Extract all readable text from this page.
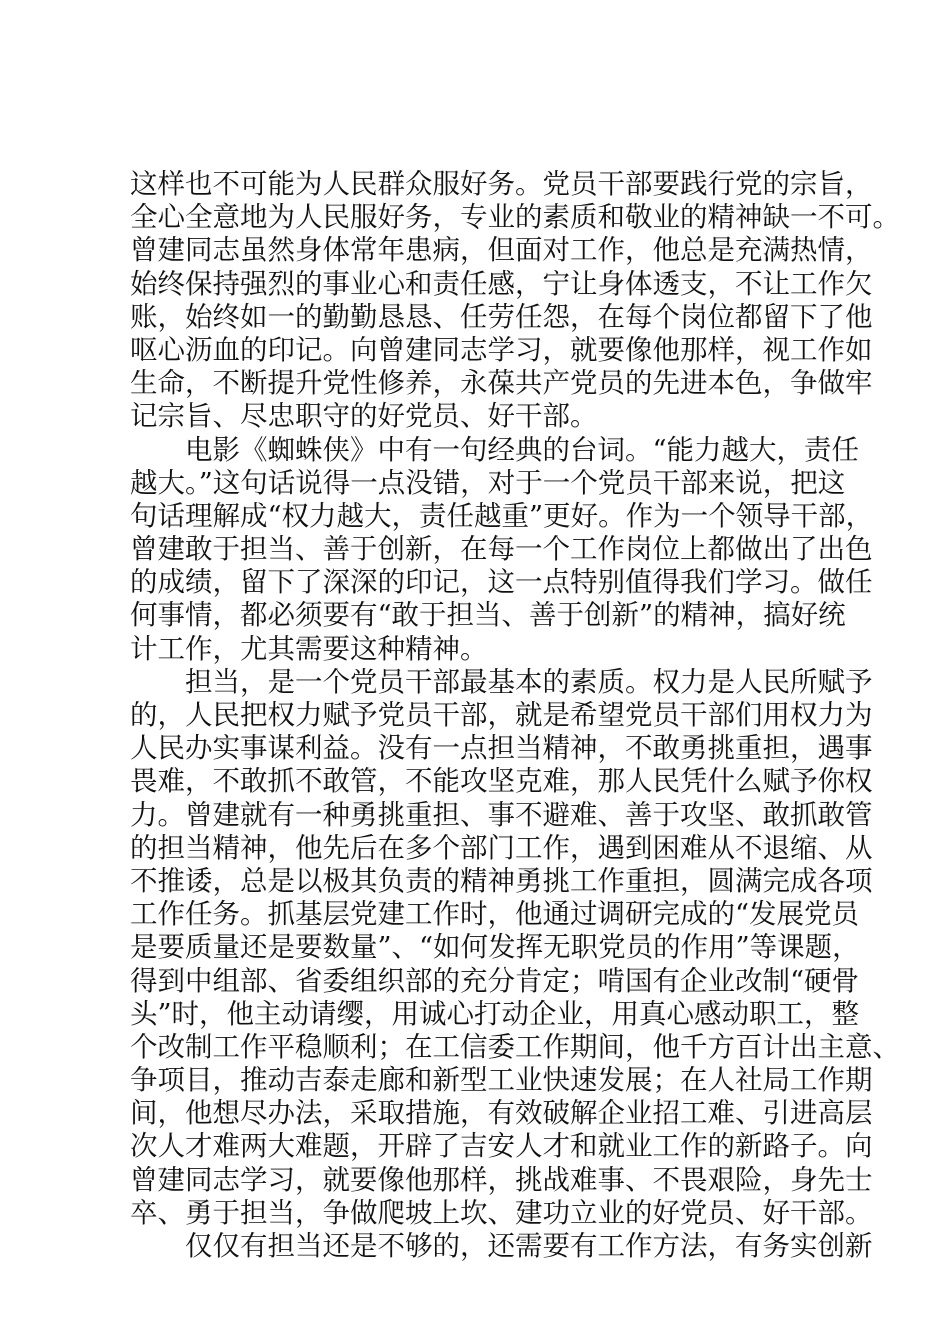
这样也不可能为人民群众服好务。党员干部要践行党的宗旨，
全心全意地为人民服好务，专业的素质和敬业的精神缺一不可。
曾建同志虽然身体常年患病，但面对工作，他总是充满热情，
始终保持强烈的事业心和责任感，宁让身体透支，不让工作欠
账，始终如一的勤勤恳恳、任劳任怨，在每个岗位都留下了他
呕心沥血的印记。向曾建同志学习，就要像他那样，视工作如
生命，不断提升党性修养，永葆共产党员的先进本色，争做牢
记宗旨、尽忠职守的好党员、好干部。
电影《蜘蛛侠》中有一句经典的台词。“能力越大，责任
越大。”这句话说得一点没错，对于一个党员干部来说，把这
句话理解成“权力越大，责任越重”更好。作为一个领导干部，
曾建敢于担当、善于创新，在每一个工作岗位上都做出了出色
的成绩，留下了深深的印记，这一点特别值得我们学习。做任
何事情，都必须要有“敢于担当、善于创新”的精神，搞好统
计工作，尤其需要这种精神。
担当，是一个党员干部最基本的素质。权力是人民所赋予
的，人民把权力赋予党员干部，就是希望党员干部们用权力为
人民办实事谋利益。没有一点担当精神，不敢勇挑重担，遇事
畏难，不敢抓不敢管，不能攻坚克难，那人民凭什么赋予你权
力。曾建就有一种勇挑重担、事不避难、善于攻坚、敢抓敢管
的担当精神，他先后在多个部门工作，遇到困难从不退缩、从
不推诿，总是以极其负责的精神勇挑工作重担，圆满完成各项
工作任务。抓基层党建工作时，他通过调研完成的“发展党员
是要质量还是要数量”、“如何发挥无职党员的作用”等课题，
得到中组部、省委组织部的充分肯定；啃国有企业改制“硬骨
头”时，他主动请缨，用诚心打动企业，用真心感动职工，整
个改制工作平稳顺利；在工信委工作期间，他千方百计出主意、
争项目，推动吉泰走廊和新型工业快速发展；在人社局工作期
间，他想尽办法，采取措施，有效破解企业招工难、引进高层
次人才难两大难题，开辟了吉安人才和就业工作的新路子。向
曾建同志学习，就要像他那样，挑战难事、不畏艰险，身先士
卒、勇于担当，争做爬坡上坎、建功立业的好党员、好干部。
仅仅有担当还是不够的，还需要有工作方法，有务实创新
